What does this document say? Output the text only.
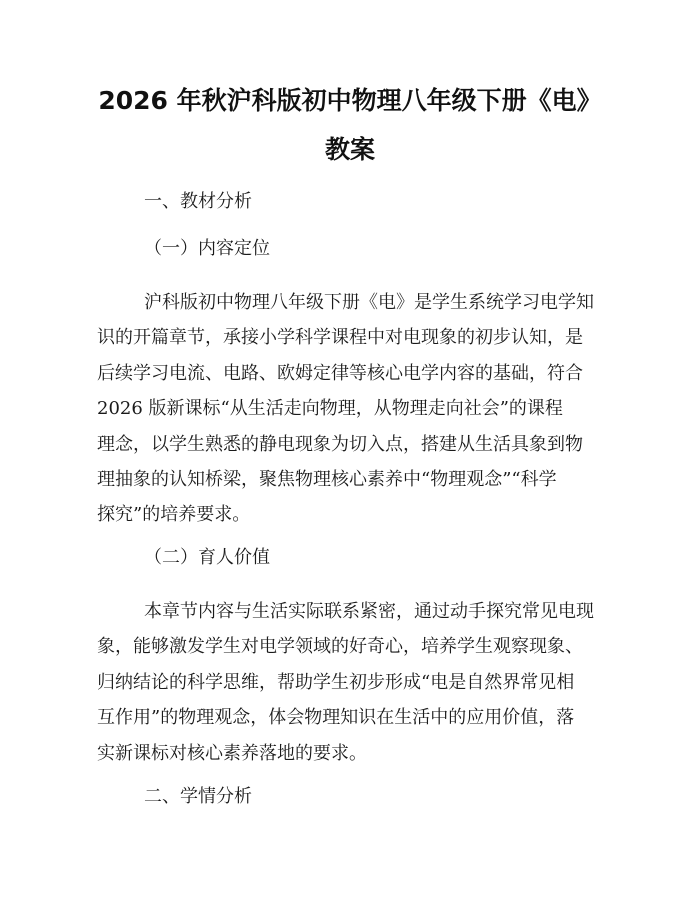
2026 年秋沪科版初中物理八年级下册《电》
教案
一、教材分析
（一）内容定位
沪科版初中物理八年级下册《电》是学生系统学习电学知
识的开篇章节，承接小学科学课程中对电现象的初步认知，是
后续学习电流、电路、欧姆定律等核心电学内容的基础，符合
2026 版新课标“从生活走向物理，从物理走向社会”的课程
理念，以学生熟悉的静电现象为切入点，搭建从生活具象到物
理抽象的认知桥梁，聚焦物理核心素养中“物理观念”“科学
探究”的培养要求。
（二）育人价值
本章节内容与生活实际联系紧密，通过动手探究常见电现
象，能够激发学生对电学领域的好奇心，培养学生观察现象、
归纳结论的科学思维，帮助学生初步形成“电是自然界常见相
互作用”的物理观念，体会物理知识在生活中的应用价值，落
实新课标对核心素养落地的要求。
二、学情分析
